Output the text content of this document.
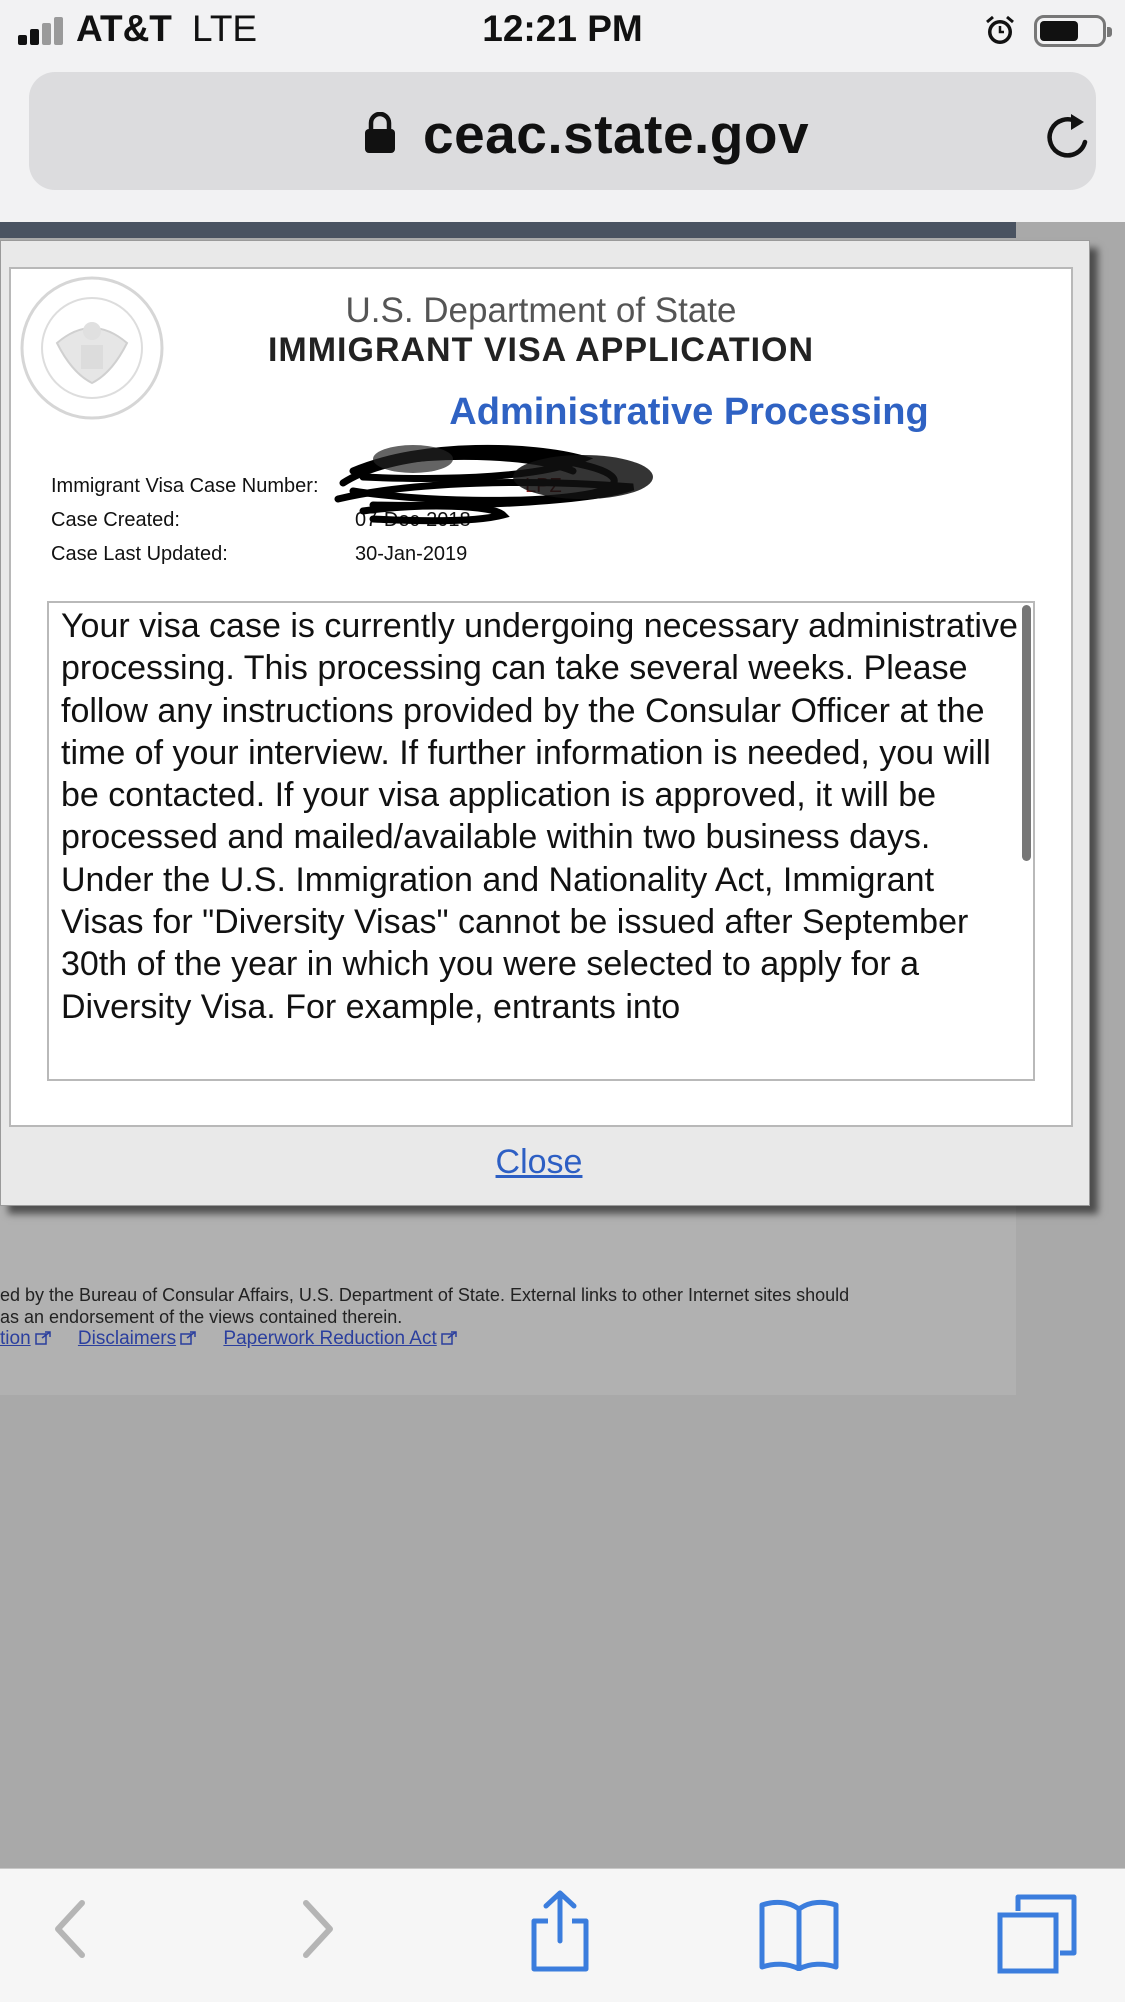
AT&T LTE	12:21 PM
ceac.state.gov
ed by the Bureau of Consular Affairs, U.S. Department of State. External links to other Internet sites should
as an endorsement of the views contained therein.
tion Disclaimers Paperwork Reduction Act
U.S. Department of State
IMMIGRANT VISA APPLICATION
Administrative Processing
Immigrant Visa Case Number:
Case Created:	07-Dec-2018
Case Last Updated:	30-Jan-2019
Your visa case is currently undergoing necessary administrative processing. This processing can take several weeks. Please follow any instructions provided by the Consular Officer at the time of your interview. If further information is needed, you will be contacted. If your visa application is approved, it will be processed and mailed/available within two business days. Under the U.S. Immigration and Nationality Act, Immigrant Visas for "Diversity Visas" cannot be issued after September 30th of the year in which you were selected to apply for a Diversity Visa. For example, entrants into
Close
